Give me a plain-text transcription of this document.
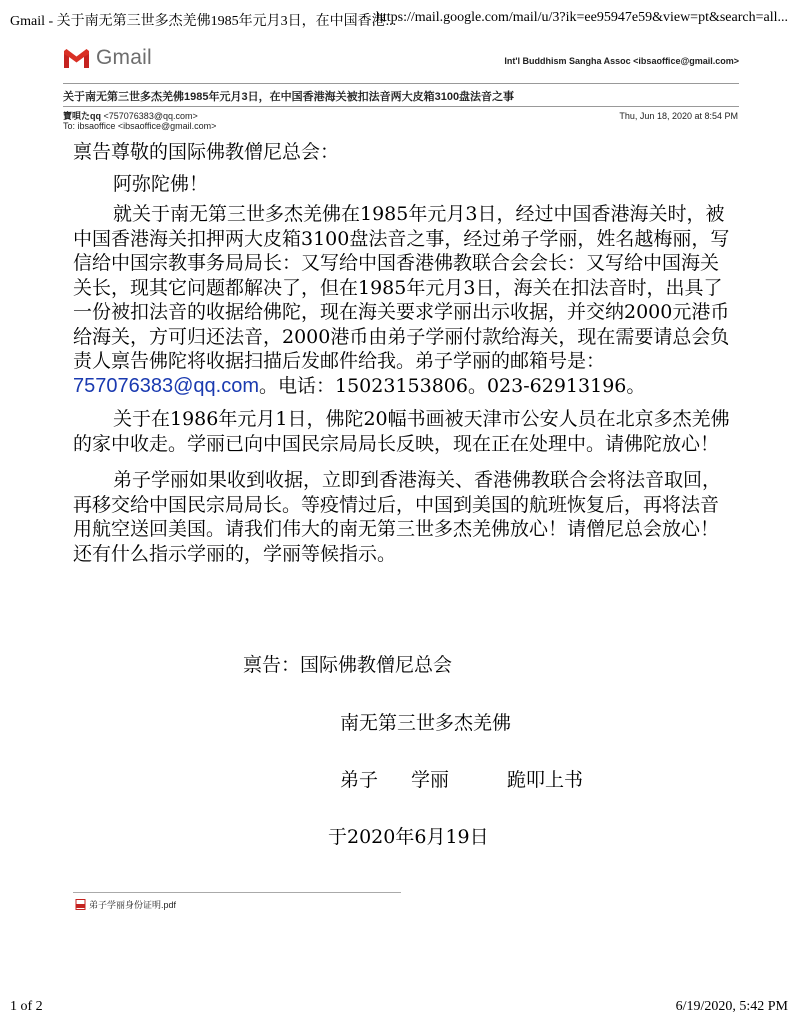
Gmail - 关于南无第三世多杰羌佛1985年元月3日，在中国香港...
https://mail.google.com/mail/u/3?ik=ee95947e59&view=pt&search=all...
Gmail	Int'l Buddhism Sangha Assoc <ibsaoffice@gmail.com>
关于南无第三世多杰羌佛1985年元月3日，在中国香港海关被扣法音两大皮箱3100盘法音之事
寶唄たqq <757076383@qq.com>
To: ibsaoffice <ibsaoffice@gmail.com>
Thu, Jun 18, 2020 at 8:54 PM

禀告尊敬的国际佛教僧尼总会：

阿弥陀佛！

就关于南无第三世多杰羌佛在1985年元月3日，经过中国香港海关时，被中国香港海关扣押两大皮箱3100盘法音之事，经过弟子学丽，姓名越梅丽，写信给中国宗教事务局局长：又写给中国香港佛教联合会会长：又写给中国海关关长，现其它问题都解决了，但在1985年元月3日，海关在扣法音时，出具了一份被扣法音的收据给佛陀，现在海关要求学丽出示收据，并交纳2000元港币给海关，方可归还法音，2000港币由弟子学丽付款给海关，现在需要请总会负责人禀告佛陀将收据扫描后发邮件给我。弟子学丽的邮箱号是：757076383@qq.com。电话：15023153806。023-62913196。

关于在1986年元月1日，佛陀20幅书画被天津市公安人员在北京多杰羌佛的家中收走。学丽已向中国民宗局局长反映，现在正在处理中。请佛陀放心！

弟子学丽如果收到收据，立即到香港海关、香港佛教联合会将法音取回，再移交给中国民宗局局长。等疫情过后，中国到美国的航班恢复后，再将法音用航空送回美国。请我们伟大的南无第三世多杰羌佛放心！请僧尼总会放心！还有什么指示学丽的，学丽等候指示。

禀告：国际佛教僧尼总会
南无第三世多杰羌佛
弟子 学丽	跪叩上书
于2020年6月19日
弟子学丽身份证明.pdf
1 of 2	6/19/2020, 5:42 PM
